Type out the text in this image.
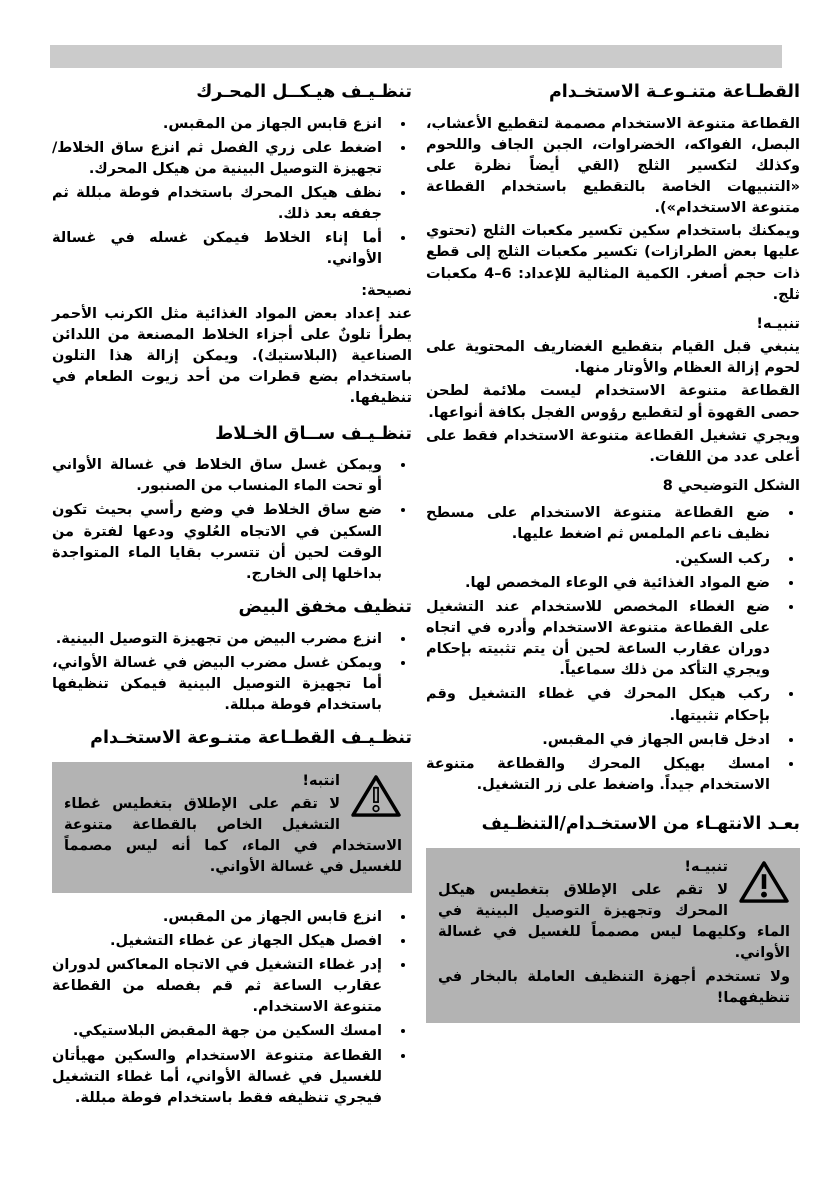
القطـاعة متنـوعـة الاستخـدام

القطاعة متنوعة الاستخدام مصممة لتقطيع الأعشاب، البصل، الفواكه، الخضراوات، الجبن الجاف واللحوم وكذلك لتكسير الثلج (القي أيضاً نظرة على «التنبيهات الخاصة بالتقطيع باستخدام القطاعة متنوعة الاستخدام»).

ويمكنك باستخدام سكين تكسير مكعبات الثلج (تحتوي عليها بعض الطرازات) تكسير مكعبات الثلج إلى قطع ذات حجم أصغر. الكمية المثالية للإعداد: 6–4 مكعبات ثلج.

تنبيـه!

ينبغي قبل القيام بتقطيع الغضاريف المحتوية على لحوم إزالة العظام والأوتار منها.

القطاعة متنوعة الاستخدام ليست ملائمة لطحن حصى القهوة أو لتقطيع رؤوس الفجل بكافة أنواعها.

ويجري تشغيل القطاعة متنوعة الاستخدام فقط على أعلى عدد من اللفات.

الشكل التوضيحي 8
• ضع القطاعة متنوعة الاستخدام على مسطح نظيف ناعم الملمس ثم اضغط عليها.
• ركب السكين.
• ضع المواد الغذائية في الوعاء المخصص لها.
• ضع الغطاء المخصص للاستخدام عند التشغيل على القطاعة متنوعة الاستخدام وأدره في اتجاه دوران عقارب الساعة لحين أن يتم تثبيته بإحكام ويجري التأكد من ذلك سماعياً.
• ركب هيكل المحرك في غطاء التشغيل وقم بإحكام تثبيتها.
• ادخل قابس الجهاز في المقبس.
• امسك بهيكل المحرك والقطاعة متنوعة الاستخدام جيداً. واضغط على زر التشغيل.
بعـد الانتهـاء من الاستخـدام/التنظـيف
تنبيـه!

لا تقم على الإطلاق بتغطيس هيكل المحرك وتجهيزة التوصيل البينية في الماء وكليهما ليس مصمماً للغسيل في غسالة الأواني.

ولا تستخدم أجهزة التنظيف العاملة بالبخار في تنظيفهما!

تنظـيـف هيـكــل المحـرك
• انزع قابس الجهاز من المقبس.
• اضغط على زري الفصل ثم انزع ساق الخلاط/تجهيزة التوصيل البينية من هيكل المحرك.
• نظف هيكل المحرك باستخدام فوطة مبللة ثم جففه بعد ذلك.
• أما إناء الخلاط فيمكن غسله في غسالة الأواني.
نصيحة:

عند إعداد بعض المواد الغذائية مثل الكرنب الأحمر يطرأ تلونٌ على أجزاء الخلاط المصنعة من اللدائن الصناعية (البلاستيك). ويمكن إزالة هذا التلون باستخدام بضع قطرات من أحد زيوت الطعام في تنظيفها.

تنظـيـف ســاق الخـلاط
• ويمكن غسل ساق الخلاط في غسالة الأواني أو تحت الماء المنساب من الصنبور.
• ضع ساق الخلاط في وضع رأسي بحيث تكون السكين في الاتجاه العُلوي ودعها لفترة من الوقت لحين أن تتسرب بقايا الماء المتواجدة بداخلها إلى الخارج.
تنظيف مخفق البيض
• انزع مضرب البيض من تجهيزة التوصيل البينية.
• ويمكن غسل مضرب البيض في غسالة الأواني، أما تجهيزة التوصيل البينية فيمكن تنظيفها باستخدام فوطة مبللة.
تنظـيـف القطـاعة متنـوعة الاستخـدام
انتبه!

لا تقم على الإطلاق بتغطيس غطاء التشغيل الخاص بالقطاعة متنوعة الاستخدام في الماء، كما أنه ليس مصمماً للغسيل في غسالة الأواني.

• انزع قابس الجهاز من المقبس.
• افصل هيكل الجهاز عن غطاء التشغيل.
• إدر غطاء التشغيل في الاتجاه المعاكس لدوران عقارب الساعة ثم قم بفصله من القطاعة متنوعة الاستخدام.
• امسك السكين من جهة المقبض البلاستيكي.
• القطاعة متنوعة الاستخدام والسكين مهيأتان للغسيل في غسالة الأواني، أما غطاء التشغيل فيجري تنظيفه فقط باستخدام فوطة مبللة.
